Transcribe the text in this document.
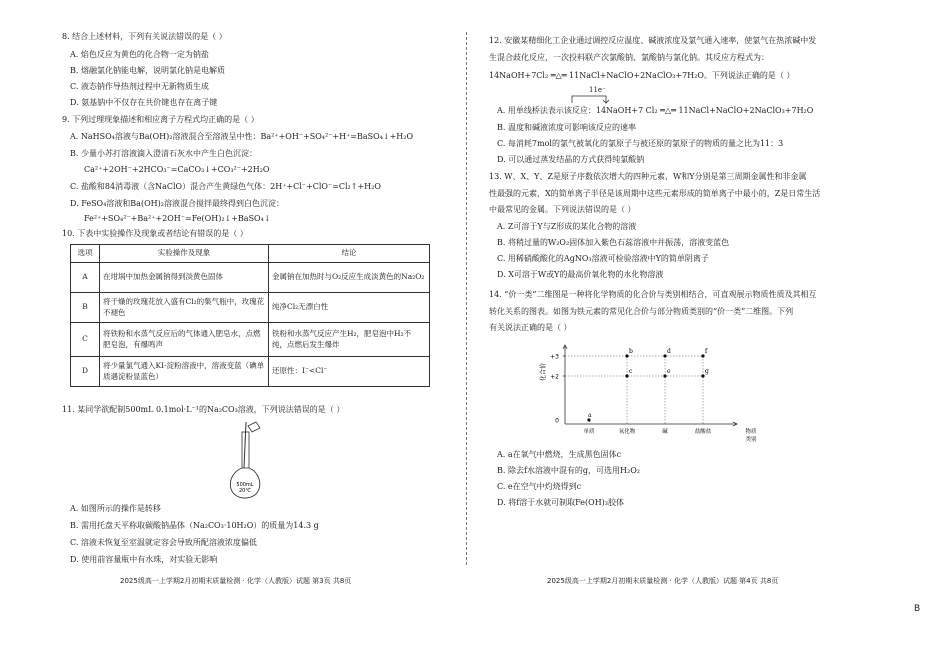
8. 结合上述材料，下列有关说法错误的是（ ）
A. 焰色反应为黄色的化合物一定为钠盐
B. 熔融氯化钠能电解，说明氯化钠是电解质
C. 液态钠作导热剂过程中无新物质生成
D. 氨基钠中不仅存在共价键也存在离子键
9. 下列过理现象描述和相应离子方程式均正确的是（ ）
A. NaHSO₄溶液与Ba(OH)₂溶液混合至溶液呈中性：Ba²⁺+OH⁻+SO₄²⁻+H⁺=BaSO₄↓+H₂O
B. 少量小苏打溶液滴入澄清石灰水中产生白色沉淀：
Ca²⁺+2OH⁻+2HCO₃⁻=CaCO₃↓+CO₃²⁻+2H₂O
C. 盐酸和84消毒液（含NaClO）混合产生黄绿色气体：2H⁺+Cl⁻+ClO⁻=Cl₂↑+H₂O
D. FeSO₄溶液和Ba(OH)₂溶液混合搅拌最终得到白色沉淀：
Fe²⁺+SO₄²⁻+Ba²⁺+2OH⁻=Fe(OH)₂↓+BaSO₄↓
10. 下表中实验操作及现象或者结论有错误的是（ ）
选项	实验操作及现象	结论
A	在坩埚中加热金属钠得到淡黄色固体	金属钠在加热时与O₂反应生成淡黄色的Na₂O₂
B	将干燥的玫瑰花放入盛有Cl₂的集气瓶中，玫瑰花不褪色	纯净Cl₂无漂白性
C	将铁粉和水蒸气反应后的气体通入肥皂水，点燃肥皂泡，有爆鸣声	铁粉和水蒸气反应产生H₂，肥皂泡中H₂不纯，点燃后发生爆炸
D	将少量氯气通入KI-淀粉溶液中，溶液变蓝（碘单质遇淀粉显蓝色）	还原性：I⁻<Cl⁻
11. 某同学欲配制500mL 0.1mol·L⁻¹的Na₂CO₃溶液，下列说法错误的是（ ）
500mL
20℃
A. 如图所示的操作是转移
B. 需用托盘天平称取碳酸钠晶体（Na₂CO₃·10H₂O）的质量为14.3 g
C. 溶液未恢复至室温就定容会导致所配溶液浓度偏低
D. 使用前容量瓶中有水珠，对实验无影响
2025级高一上学期2月初期末质量检测 · 化学（人教版）试题 第3页 共8页
12. 安徽某精细化工企业通过调控反应温度、碱液浓度及氯气通入速率，使氯气在热浓碱中发
生混合歧化反应，一次投料联产次氯酸钠、氯酸钠与氯化钠。其反应方程式为：
14NaOH+7Cl₂ ═△═ 11NaCl+NaClO+2NaClO₃+7H₂O。下列说法正确的是（ ）
11e⁻
A. 用单线桥法表示该反应：14NaOH+7 Cl₂ ═△═ 11NaCl+NaClO+2NaClO₃+7H₂O
B. 温度和碱液浓度可影响该反应的速率
C. 每消耗7mol的氯气被氧化的氯原子与被还原的氯原子的物质的量之比为11：3
D. 可以通过蒸发结晶的方式获得纯氯酸钠
13. W、X、Y、Z是原子序数依次增大的四种元素，W和Y分别是第三周期金属性和非金属
性最强的元素，X的简单离子半径是该周期中这些元素形成的简单离子中最小的，Z是日常生活
中最常见的金属。下列说法错误的是（ ）
A. Z可溶于Y与Z形成的某化合物的溶液
B. 将稍过量的W₂O₂固体加入紫色石蕊溶液中并振荡，溶液变蓝色
C. 用稀硝酸酸化的AgNO₃溶液可检验溶液中Y的简单阴离子
D. X可溶于W或Y的最高价氧化物的水化物溶液
14. “价一类”二维图是一种将化学物质的化合价与类别相结合，可直观展示物质性质及其相互
转化关系的图表。如图为铁元素的常见化合价与部分物质类别的“价一类”二维图。下列
有关说法正确的是（ ）
A. a在氧气中燃烧，生成黑色固体c
B. 除去f水溶液中混有的g，可选用H₂O₂
C. e在空气中灼烧得到c
D. 将f溶于水就可制取Fe(OH)₃胶体
2025级高一上学期2月初期末质量检测 · 化学（人教版）试题 第4页 共8页
0
+2
+3
化合价
单质	氧化物	碱	盐酸盐	物质
类别
a
b
c
d
e
f
g
B
